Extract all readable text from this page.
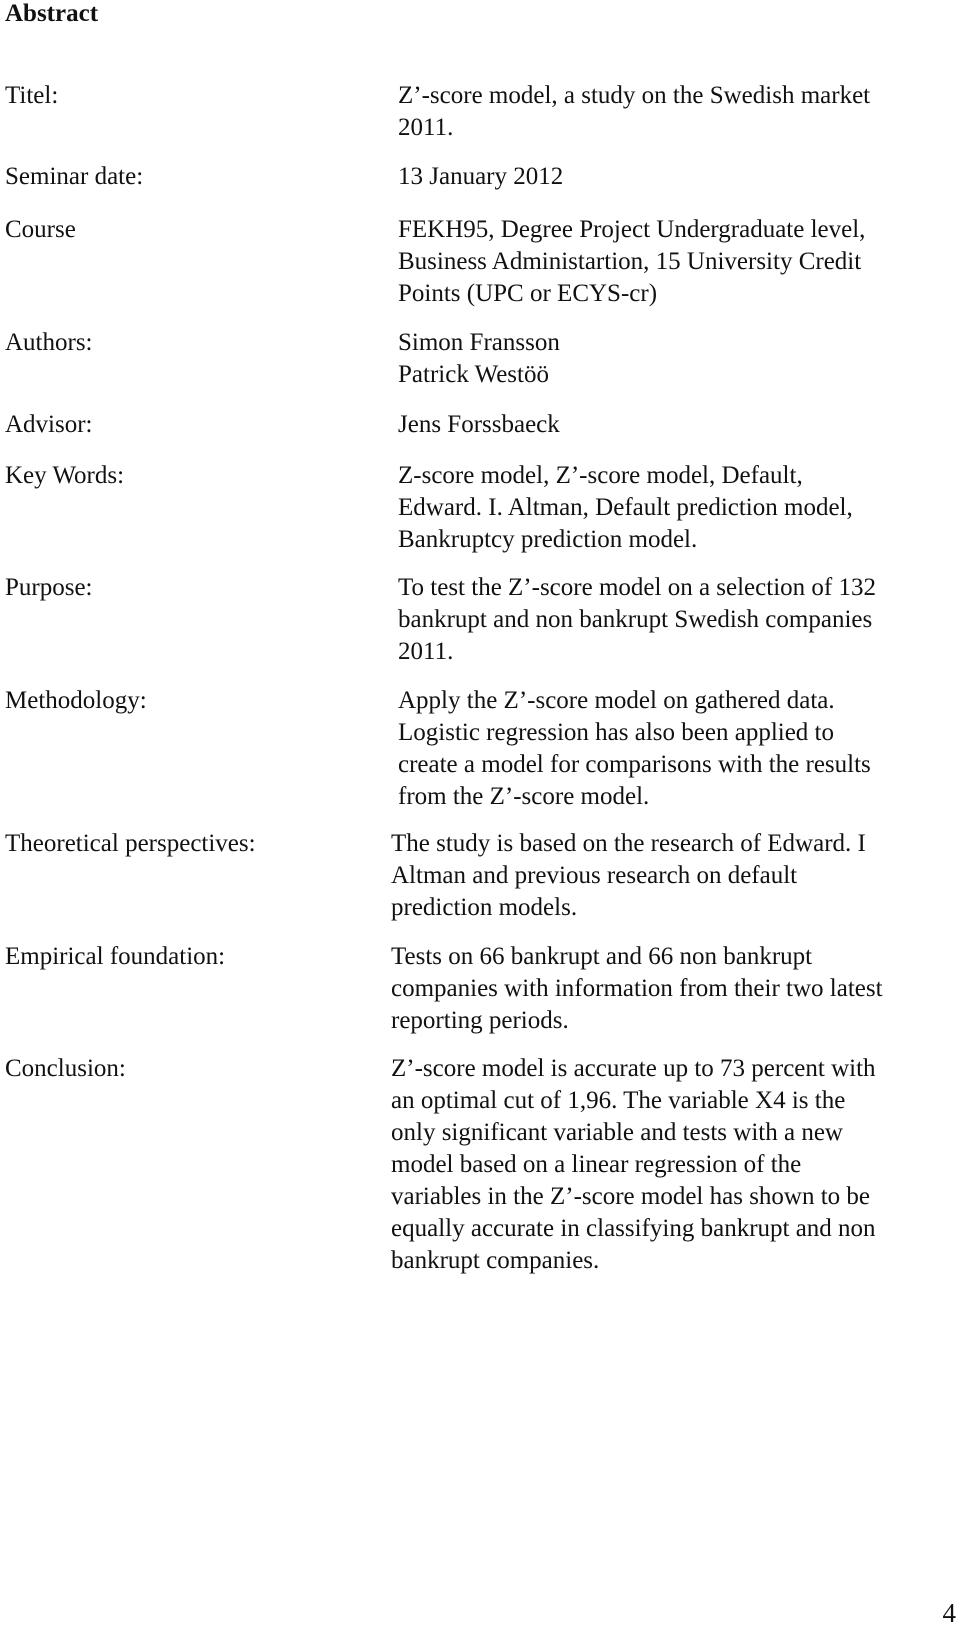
Abstract
Titel:	Z’-score model, a study on the Swedish market
2011.
Seminar date:	13 January 2012
Course	FEKH95, Degree Project Undergraduate level,
Business Administartion, 15 University Credit
Points (UPC or ECYS-cr)
Authors:	Simon Fransson
Patrick Westöö
Advisor:	Jens Forssbaeck
Key Words:	Z-score model, Z’-score model, Default,
Edward. I. Altman, Default prediction model,
Bankruptcy prediction model.
Purpose:	To test the Z’-score model on a selection of 132
bankrupt and non bankrupt Swedish companies
2011.
Methodology:	Apply the Z’-score model on gathered data.
Logistic regression has also been applied to
create a model for comparisons with the results
from the Z’-score model.
Theoretical perspectives:	The study is based on the research of Edward. I
Altman and previous research on default
prediction models.
Empirical foundation:	Tests on 66 bankrupt and 66 non bankrupt
companies with information from their two latest
reporting periods.
Conclusion:	Z’-score model is accurate up to 73 percent with
an optimal cut of 1,96. The variable X4 is the
only significant variable and tests with a new
model based on a linear regression of the
variables in the Z’-score model has shown to be
equally accurate in classifying bankrupt and non
bankrupt companies.
4
